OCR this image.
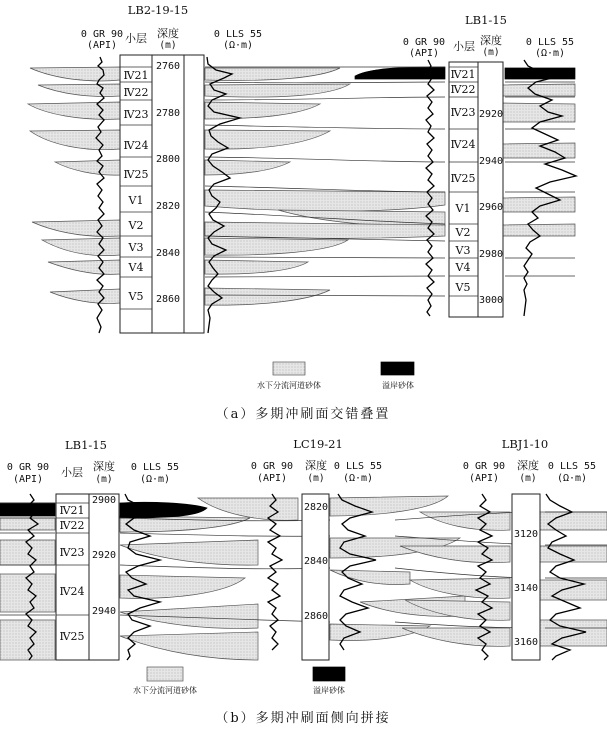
LB2-19-15
LB1-15
0 GR 90
(API)
小层 深度
(m)
0 LLS 55
(Ω·m)	0 GR 90
(API)
小层 深度
(m)
0 LLS 55
(Ω·m)
Ⅳ21
Ⅳ22
Ⅳ23
Ⅳ24
Ⅳ25
Ⅴ1
Ⅴ2
Ⅴ3
Ⅴ4
Ⅴ5
Ⅳ21
Ⅳ22
Ⅳ23
Ⅳ24
Ⅳ25
Ⅴ1
Ⅴ2
Ⅴ3
Ⅴ4
Ⅴ5
2760
2780
2800
2820
2840
2860
2920
2940
2960
2980
3000
水下分流河道砂体	溢岸砂体
（a）多期冲刷面交错叠置
LB1-15	LC19-21	LBJ1-10
0 GR 90
(API)
小层 深度
(m)
0 LLS 55
(Ω·m)
0 GR 90
(API)
深度
(m)
0 LLS 55
(Ω·m)
0 GR 90
(API)
深度
(m)
0 LLS 55
(Ω·m)
Ⅳ21
Ⅳ22
Ⅳ23
Ⅳ24
Ⅳ25
2900
2920
2940
2820
2840
2860
3120
3140
3160
水下分流河道砂体	溢岸砂体
（b）多期冲刷面侧向拼接
